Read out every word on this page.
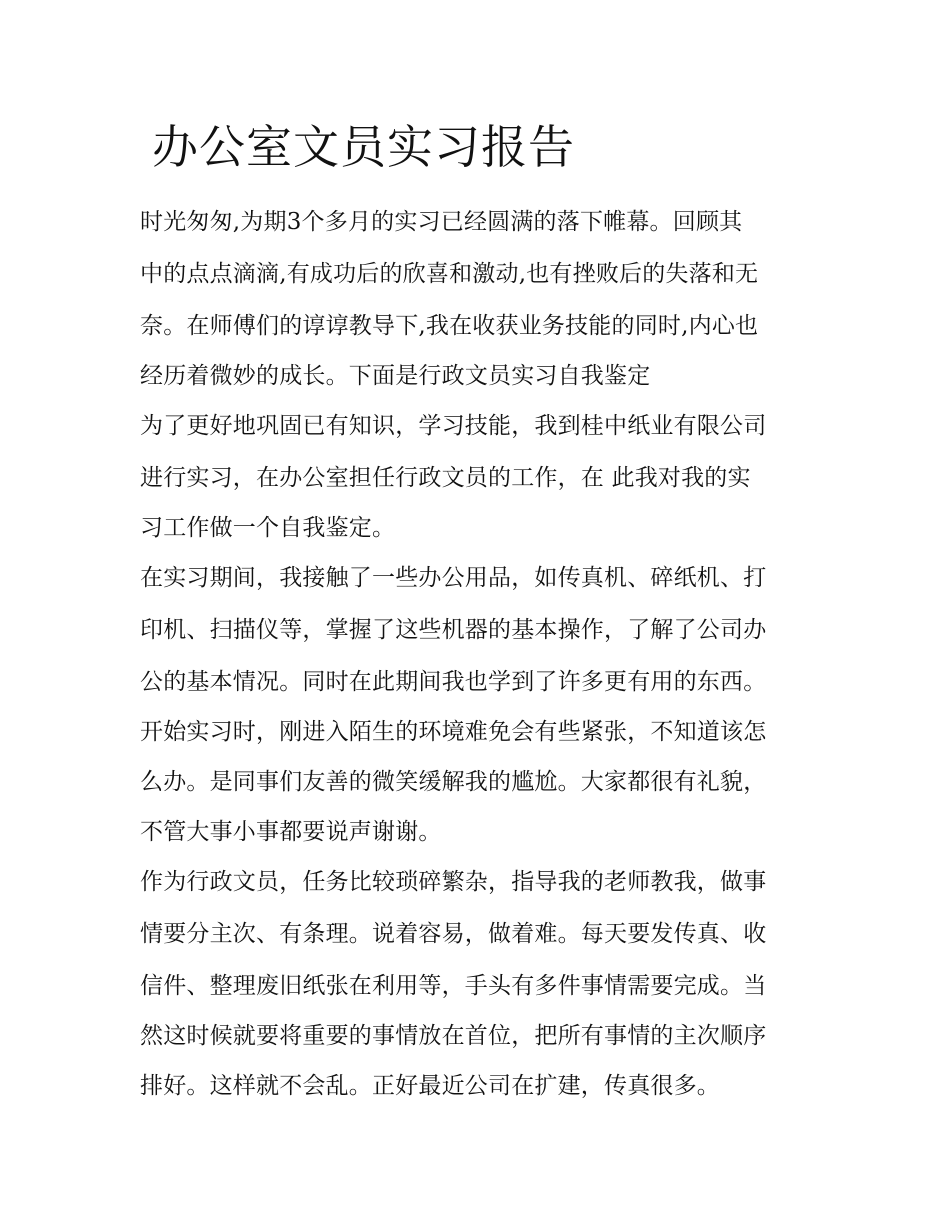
办公室文员实习报告
时光匆匆,为期3个多月的实习已经圆满的落下帷幕。回顾其
中的点点滴滴,有成功后的欣喜和激动,也有挫败后的失落和无
奈。在师傅们的谆谆教导下,我在收获业务技能的同时,内心也
经历着微妙的成长。下面是行政文员实习自我鉴定
为了更好地巩固已有知识，学习技能，我到桂中纸业有限公司
进行实习，在办公室担任行政文员的工作，在 此我对我的实
习工作做一个自我鉴定。
在实习期间，我接触了一些办公用品，如传真机、碎纸机、打
印机、扫描仪等，掌握了这些机器的基本操作，了解了公司办
公的基本情况。同时在此期间我也学到了许多更有用的东西。
开始实习时，刚进入陌生的环境难免会有些紧张，不知道该怎
么办。是同事们友善的微笑缓解我的尴尬。大家都很有礼貌，
不管大事小事都要说声谢谢。
作为行政文员，任务比较琐碎繁杂，指导我的老师教我，做事
情要分主次、有条理。说着容易，做着难。每天要发传真、收
信件、整理废旧纸张在利用等，手头有多件事情需要完成。当
然这时候就要将重要的事情放在首位，把所有事情的主次顺序
排好。这样就不会乱。正好最近公司在扩建，传真很多。
